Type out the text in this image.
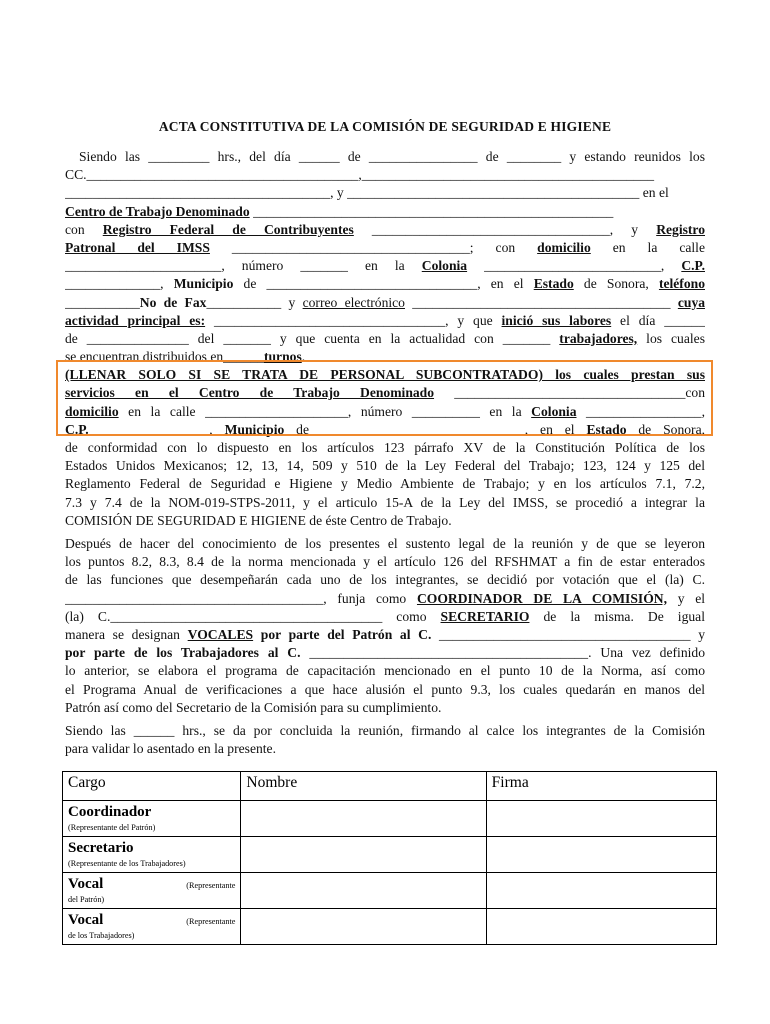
ACTA CONSTITUTIVA DE LA COMISIÓN DE SEGURIDAD E HIGIENE
Siendo las _________ hrs., del día ______ de ________________ de ________ y estando reunidos los
CC.________________________________________,___________________________________________
_______________________________________, y ___________________________________________ en el
Centro de Trabajo Denominado _____________________________________________________
con Registro Federal de Contribuyentes ___________________________________, y Registro
Patronal del IMSS ___________________________________; con domicilio en la calle
_______________________, número _______ en la Colonia __________________________, C.P.
______________, Municipio de _______________________________, en el Estado de Sonora, teléfono
___________No de Fax___________ y correo electrónico ______________________________________ cuya
actividad principal es: __________________________________, y que inició sus labores el día ______
de _______________ del _______ y que cuenta en la actualidad con _______ trabajadores, los cuales
se encuentran distribuidos en______turnos.
(LLENAR SOLO SI SE TRATA DE PERSONAL SUBCONTRATADO) los cuales prestan sus
servicios en el Centro de Trabajo Denominado __________________________________con
domicilio en la calle _____________________, número __________ en la Colonia _________________,
C.P. ________________, Municipio de ______________________________, en el Estado de Sonora,
de conformidad con lo dispuesto en los artículos 123 párrafo XV de la Constitución Política de los
Estados Unidos Mexicanos; 12, 13, 14, 509 y 510 de la Ley Federal del Trabajo; 123, 124 y 125 del
Reglamento Federal de Seguridad e Higiene y Medio Ambiente de Trabajo; y en los artículos 7.1, 7.2,
7.3 y 7.4 de la NOM-019-STPS-2011, y el articulo 15-A de la Ley del IMSS, se procedió a integrar la
COMISIÓN DE SEGURIDAD E HIGIENE de éste Centro de Trabajo.
Después de hacer del conocimiento de los presentes el sustento legal de la reunión y de que se leyeron
los puntos 8.2, 8.3, 8.4 de la norma mencionada y el artículo 126 del RFSHMAT a fin de estar enterados
de las funciones que desempeñarán cada uno de los integrantes, se decidió por votación que el (la) C.
______________________________________, funja como COORDINADOR DE LA COMISIÓN, y el
(la) C.________________________________________ como SECRETARIO de la misma. De igual
manera se designan VOCALES por parte del Patrón al C. _____________________________________ y
por parte de los Trabajadores al C. _________________________________________. Una vez definido
lo anterior, se elabora el programa de capacitación mencionado en el punto 10 de la Norma, así como
el Programa Anual de verificaciones a que hace alusión el punto 9.3, los cuales quedarán en manos del
Patrón así como del Secretario de la Comisión para su cumplimiento.
Siendo las ______ hrs., se da por concluida la reunión, firmando al calce los integrantes de la Comisión
para validar lo asentado en la presente.
Cargo	Nombre	Firma

Coordinador
(Representante del Patrón)		

Secretario
(Representante de los Trabajadores)		

Vocal (Representante
del Patrón)		

Vocal (Representante
de los Trabajadores)		
